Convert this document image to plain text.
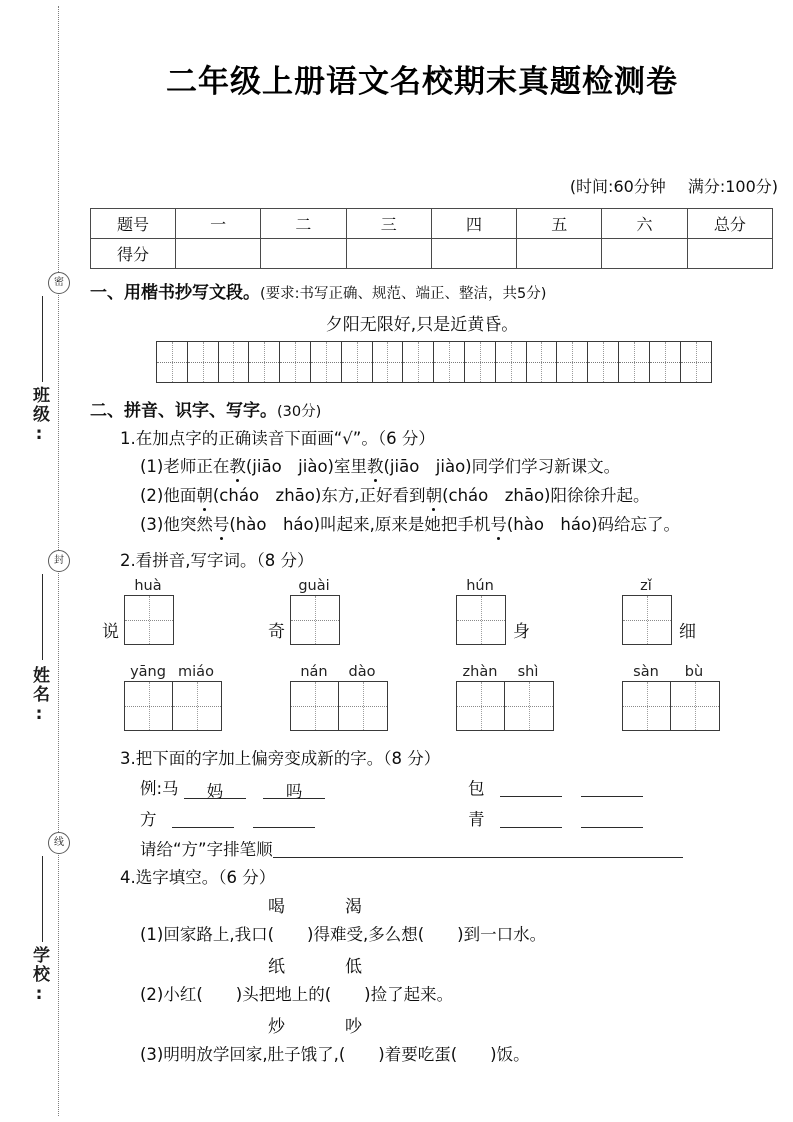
密
封
线
班级:
姓名:
学校:
二年级上册语文名校期末真题检测卷
(时间:60分钟 满分:100分)
题号	一	二	三	四	五	六	总分
得分							
一、用楷书抄写文段。(要求:书写正确、规范、端正、整洁，共5分)
夕阳无限好,只是近黄昏。
二、拼音、识字、写字。(30分)
1.在加点字的正确读音下面画“√”。（6 分）
(1)老师正在教(jiāo　jiào)室里教(jiāo　jiào)同学们学习新课文。
(2)他面朝(cháo　zhāo)东方,正好看到朝(cháo　zhāo)阳徐徐升起。
(3)他突然号(hào　háo)叫起来,原来是她把手机号(hào　háo)码给忘了。
2.看拼音,写字词。（8 分）
huà
说
guài
奇
hún
身
zǐ
细
yāng miáo	nán	dào	zhàn	shì	sàn	bù
3.把下面的字加上偏旁变成新的字。（8 分）
例:马 妈	吗	包
方	青
请给“方”字排笔顺
4.选字填空。（6 分）
喝	渴
(1)回家路上,我口(　　)得难受,多么想(　　)到一口水。
纸	低
(2)小红(　　)头把地上的(　　)捡了起来。
炒	吵
(3)明明放学回家,肚子饿了,(　　)着要吃蛋(　　)饭。
